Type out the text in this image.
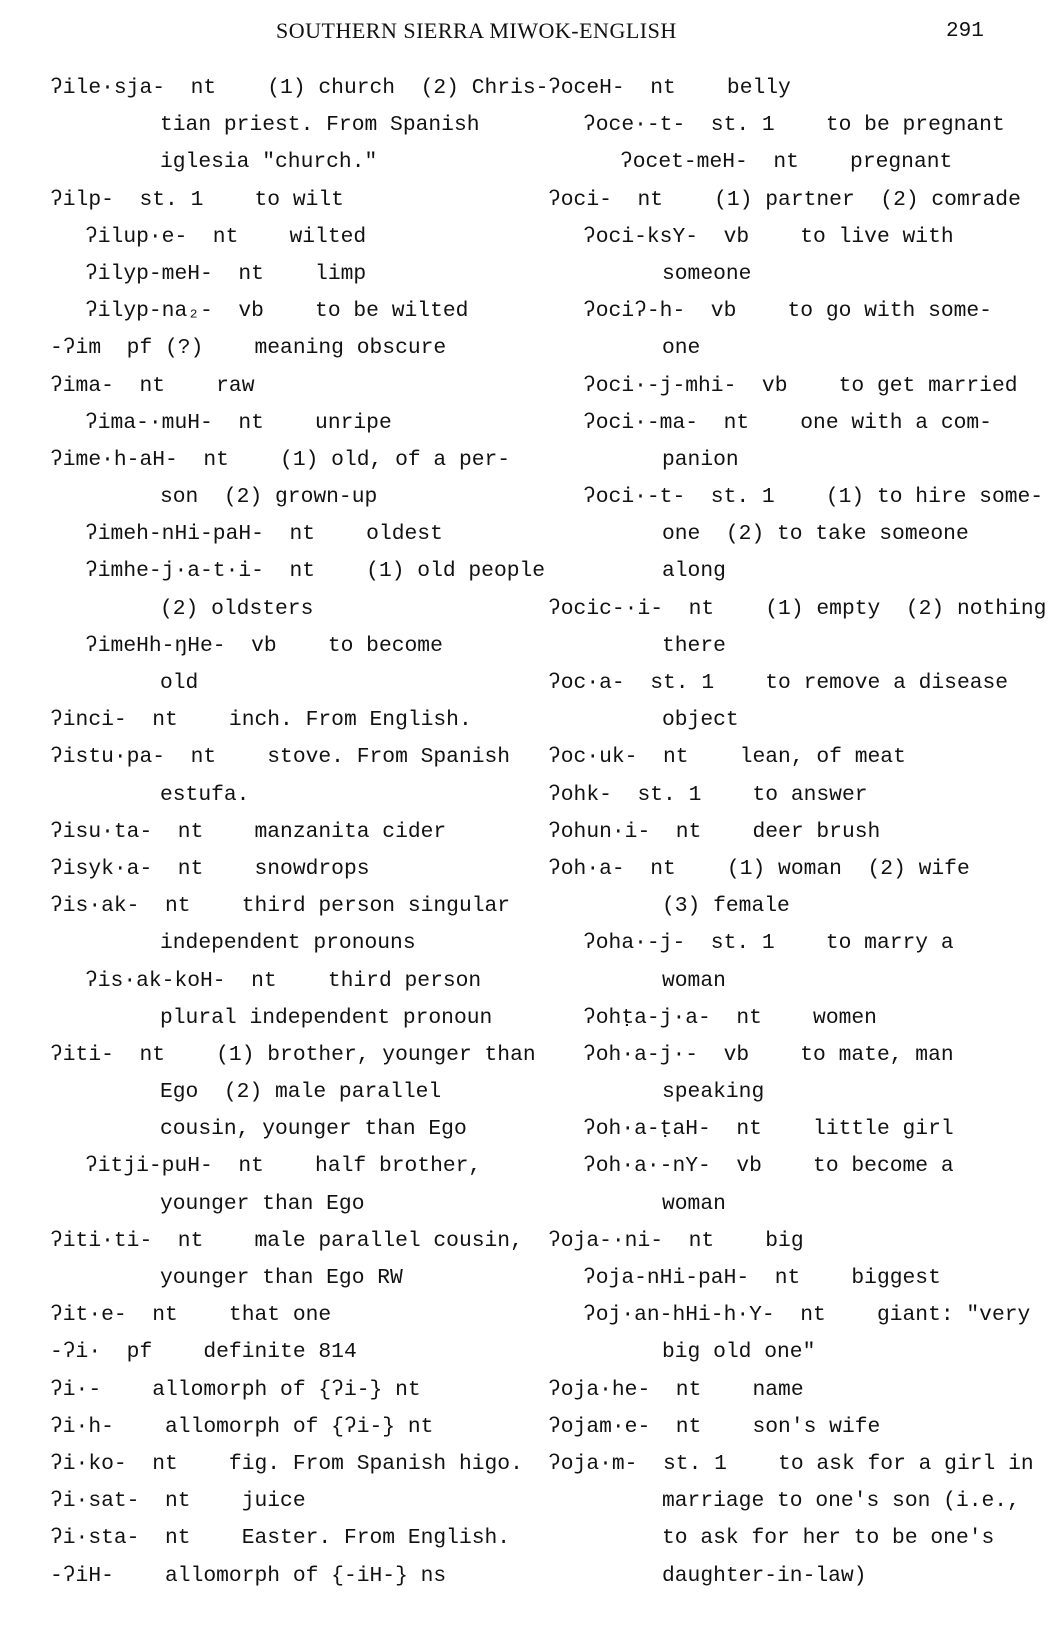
SOUTHERN SIERRA MIWOK-ENGLISH	291
ʔile·sja-  nt    (1) church  (2) Chris-
tian priest. From Spanish
iglesia "church."
ʔilp-  st. 1    to wilt
ʔilup·e-  nt    wilted
ʔilyp-meH-  nt    limp
ʔilyp-na₂-  vb    to be wilted
-ʔim  pf (?)    meaning obscure
ʔima-  nt    raw
ʔima-·muH-  nt    unripe
ʔime·h-aH-  nt    (1) old, of a per-
son  (2) grown-up
ʔimeh-nHi-paH-  nt    oldest
ʔimhe-j·a-t·i-  nt    (1) old people
(2) oldsters
ʔimeHh-ŋHe-  vb    to become
old
ʔinci-  nt    inch. From English.
ʔistu·pa-  nt    stove. From Spanish
estufa.
ʔisu·ta-  nt    manzanita cider
ʔisyk·a-  nt    snowdrops
ʔis·ak-  nt    third person singular
independent pronouns
ʔis·ak-koH-  nt    third person
plural independent pronoun
ʔiti-  nt    (1) brother, younger than
Ego  (2) male parallel
cousin, younger than Ego
ʔitji-puH-  nt    half brother,
younger than Ego
ʔiti·ti-  nt    male parallel cousin,
younger than Ego RW
ʔit·e-  nt    that one
-ʔi·  pf    definite 814
ʔi·-    allomorph of {ʔi-} nt
ʔi·h-    allomorph of {ʔi-} nt
ʔi·ko-  nt    fig. From Spanish higo.
ʔi·sat-  nt    juice
ʔi·sta-  nt    Easter. From English.
-ʔiH-    allomorph of {-iH-} ns
ʔoceH-  nt    belly
ʔoce·-t-  st. 1    to be pregnant
ʔocet-meH-  nt    pregnant
ʔoci-  nt    (1) partner  (2) comrade
ʔoci-ksY-  vb    to live with
someone
ʔociʔ-h-  vb    to go with some-
one
ʔoci·-j-mhi-  vb    to get married
ʔoci·-ma-  nt    one with a com-
panion
ʔoci·-t-  st. 1    (1) to hire some-
one  (2) to take someone
along
ʔocic-·i-  nt    (1) empty  (2) nothing
there
ʔoc·a-  st. 1    to remove a disease
object
ʔoc·uk-  nt    lean, of meat
ʔohk-  st. 1    to answer
ʔohun·i-  nt    deer brush
ʔoh·a-  nt    (1) woman  (2) wife
(3) female
ʔoha·-j-  st. 1    to marry a
woman
ʔohṭa-j·a-  nt    women
ʔoh·a-j·-  vb    to mate, man
speaking
ʔoh·a-ṭaH-  nt    little girl
ʔoh·a·-nY-  vb    to become a
woman
ʔoja-·ni-  nt    big
ʔoja-nHi-paH-  nt    biggest
ʔoj·an-hHi-h·Y-  nt    giant: "very
big old one"
ʔoja·he-  nt    name
ʔojam·e-  nt    son's wife
ʔoja·m-  st. 1    to ask for a girl in
marriage to one's son (i.e.,
to ask for her to be one's
daughter-in-law)
